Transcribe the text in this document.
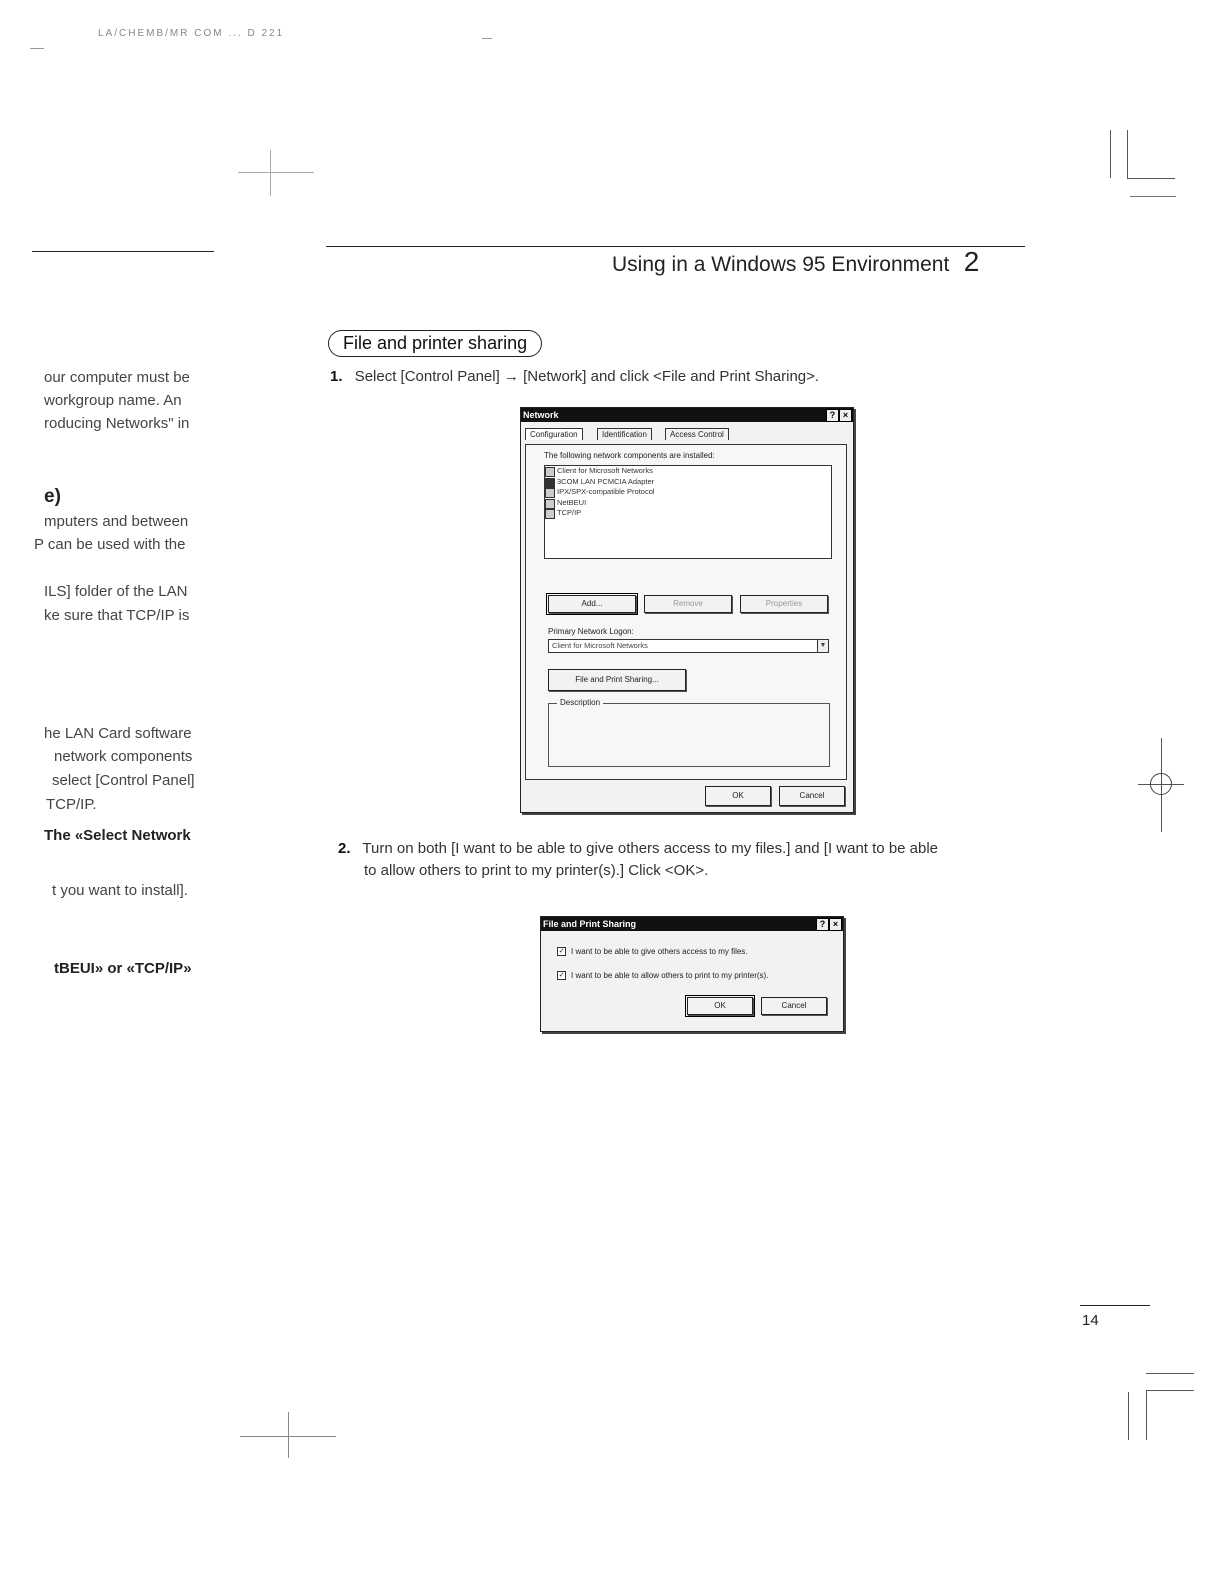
LA/CHEMB/MR COM ... D 221
Using in a Windows 95 Environment 2
our computer must be
workgroup name. An
roducing Networks" in
e)
mputers and between
P can be used with the
ILS] folder of the LAN
ke sure that TCP/IP is
he LAN Card software
network components
select [Control Panel]
TCP/IP.
The «Select Network
t you want to install].
tBEUI» or «TCP/IP»
File and printer sharing
1. Select [Control Panel] → [Network] and click <File and Print Sharing>.
Network	? ×
Configuration	Identification	Access Control
The following network components are installed:
Client for Microsoft Networks
3COM LAN PCMCIA Adapter
IPX/SPX-compatible Protocol
NetBEUI
TCP/IP
Add...	Remove	Properties
Primary Network Logon:
Client for Microsoft Networks	▼
File and Print Sharing...
Description
OK	Cancel
2. Turn on both [I want to be able to give others access to my files.] and [I want to be able
to allow others to print to my printer(s).] Click <OK>.
File and Print Sharing	? ×
✓ I want to be able to give others access to my files.
✓ I want to be able to allow others to print to my printer(s).
OK	Cancel
14
